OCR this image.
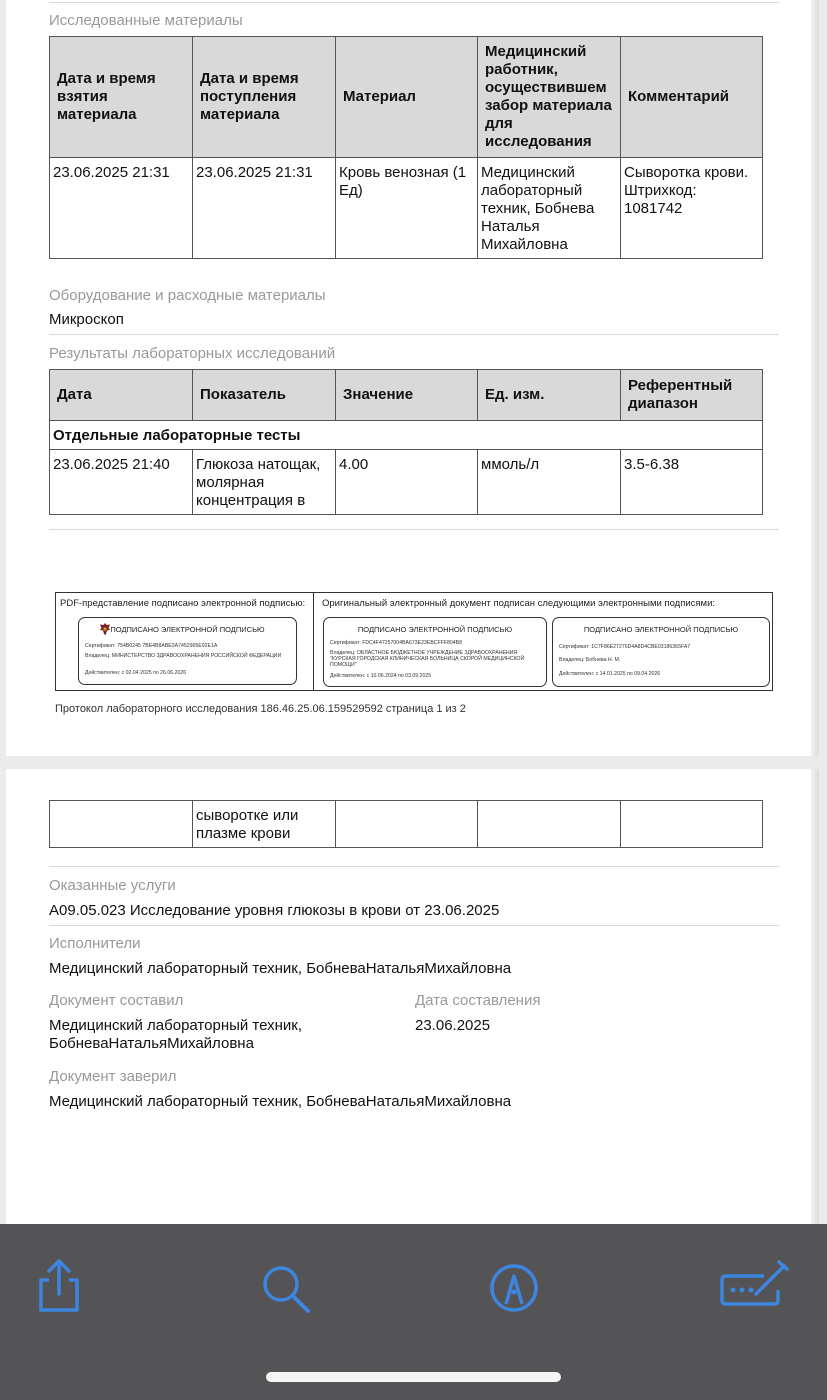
Исследованные материалы
Дата и время взятия материала	Дата и время поступления материала	Материал	Медицинский работник, осуществившем забор материала для исследования	Комментарий
23.06.2025 21:31	23.06.2025 21:31	Кровь венозная (1 Ед)	Медицинский лабораторный техник, Бобнева Наталья Михайловна	Сыворотка крови. Штрихкод: 1081742
Оборудование и расходные материалы
Микроскоп
Результаты лабораторных исследований
Дата	Показатель	Значение	Ед. изм.	Референтный диапазон
Отдельные лабораторные тесты				
23.06.2025 21:40	Глюкоза натощак, молярная концентрация в	4.00	ммоль/л	3.5-6.38
PDF-представление подписано электронной подписью:
ПОДПИСАНО ЭЛЕКТРОННОЙ ПОДПИСЬЮ
Сертификат: 754B0245 7BE4B8ABE2A7452965E92E1A
Владелец: МИНИСТЕРСТВО ЗДРАВООХРАНЕНИЯ РОССИЙСКОЙ ФЕДЕРАЦИИ
Действителен: с 02.04.2025 по 26.06.2026
Оригинальный электронный документ подписан следующими электронными подписями:
ПОДПИСАНО ЭЛЕКТРОННОЙ ПОДПИСЬЮ
Сертификат: FDC4F47257004BA673E23EBCFFF804B8
Владелец: ОБЛАСТНОЕ БЮДЖЕТНОЕ УЧРЕЖДЕНИЕ ЗДРАВООХРАНЕНИЯ "КУРСКАЯ ГОРОДСКАЯ КЛИНИЧЕСКАЯ БОЛЬНИЦА СКОРОЙ МЕДИЦИНСКОЙ ПОМОЩИ"
Действителен: с 10.06.2024 по 03.09.2025
ПОДПИСАНО ЭЛЕКТРОННОЙ ПОДПИСЬЮ
Сертификат: 1C7F86E27276D4A8D4CBE03186365FA7
Владелец: Бобнева Н. М.
Действителен: с 14.01.2025 по 09.04.2026
Протокол лабораторного исследования 186.46.25.06.159529592 страница 1 из 2
	сыворотке или плазме крови			
Оказанные услуги
A09.05.023 Исследование уровня глюкозы в крови от 23.06.2025
Исполнители
Медицинский лабораторный техник, БобневаНатальяМихайловна
Документ составил
Медицинский лабораторный техник, БобневаНатальяМихайловна
Дата составления
23.06.2025
Документ заверил
Медицинский лабораторный техник, БобневаНатальяМихайловна
